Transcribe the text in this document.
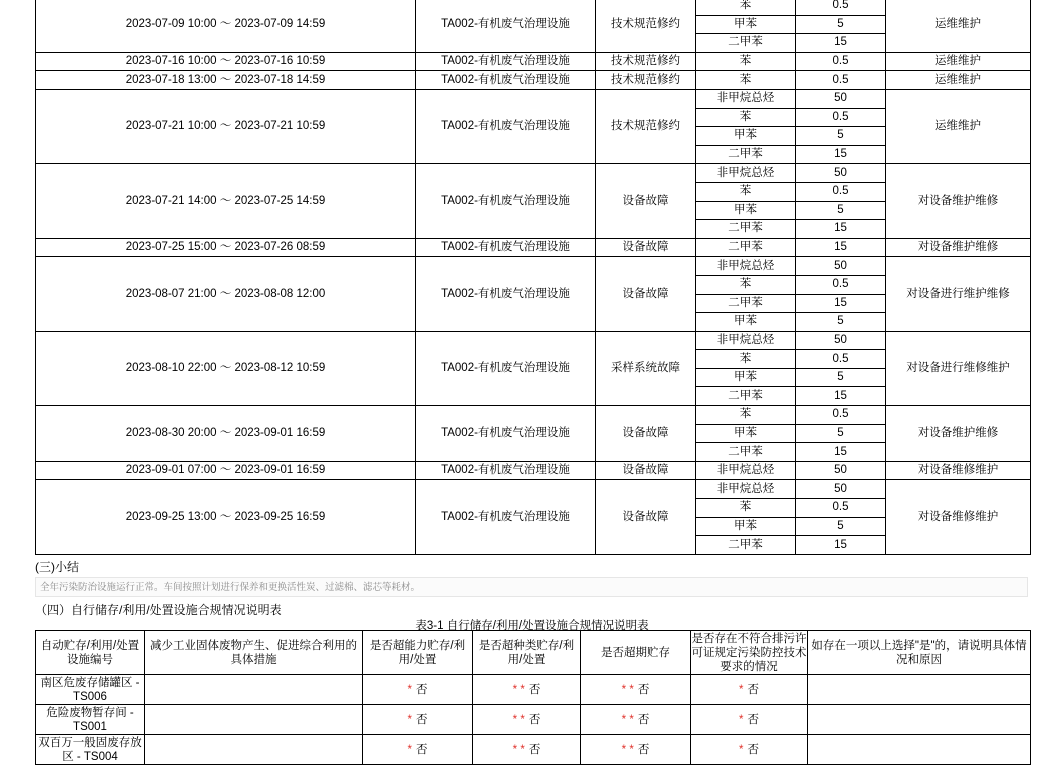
2023-07-09 10:00 ～ 2023-07-09 14:59	TA002-有机废气治理设施	技术规范修约	苯	0.5	运维维护
			甲苯	5	
			二甲苯	15	
2023-07-16 10:00 ～ 2023-07-16 10:59	TA002-有机废气治理设施	技术规范修约	苯	0.5	运维维护
2023-07-18 13:00 ～ 2023-07-18 14:59	TA002-有机废气治理设施	技术规范修约	苯	0.5	运维维护
2023-07-21 10:00 ～ 2023-07-21 10:59	TA002-有机废气治理设施	技术规范修约	非甲烷总烃	50	运维维护
			苯	0.5	
			甲苯	5	
			二甲苯	15	
2023-07-21 14:00 ～ 2023-07-25 14:59	TA002-有机废气治理设施	设备故障	非甲烷总烃	50	对设备维护维修
			苯	0.5	
			甲苯	5	
			二甲苯	15	
2023-07-25 15:00 ～ 2023-07-26 08:59	TA002-有机废气治理设施	设备故障	二甲苯	15	对设备维护维修
2023-08-07 21:00 ～ 2023-08-08 12:00	TA002-有机废气治理设施	设备故障	非甲烷总烃	50	对设备进行维护维修
			苯	0.5	
			二甲苯	15	
			甲苯	5	
2023-08-10 22:00 ～ 2023-08-12 10:59	TA002-有机废气治理设施	采样系统故障	非甲烷总烃	50	对设备进行维修维护
			苯	0.5	
			甲苯	5	
			二甲苯	15	
2023-08-30 20:00 ～ 2023-09-01 16:59	TA002-有机废气治理设施	设备故障	苯	0.5	对设备维护维修
			甲苯	5	
			二甲苯	15	
2023-09-01 07:00 ～ 2023-09-01 16:59	TA002-有机废气治理设施	设备故障	非甲烷总烃	50	对设备维修维护
2023-09-25 13:00 ～ 2023-09-25 16:59	TA002-有机废气治理设施	设备故障	非甲烷总烃	50	对设备维修维护
			苯	0.5	
			甲苯	5	
			二甲苯	15	
(三)小结
全年污染防治设施运行正常。车间按照计划进行保养和更换活性炭、过滤棉、滤芯等耗材。
（四）自行储存/利用/处置设施合规情况说明表
表3-1 自行储存/利用/处置设施合规情况说明表
自动贮存/利用/处置设施编号	减少工业固体废物产生、促进综合利用的具体措施	是否超能力贮存/利用/处置	是否超种类贮存/利用/处置	是否超期贮存	是否存在不符合排污许可证规定污染防控技术要求的情况	如存在一项以上选择"是"的，请说明具体情况和原因
南区危废存储罐区 - TS006		* 否	* * 否	* * 否	* 否	
危险废物暂存间 - TS001		* 否	* * 否	* * 否	* 否	
双百万一般固废存放区 - TS004		* 否	* * 否	* * 否	* 否	
